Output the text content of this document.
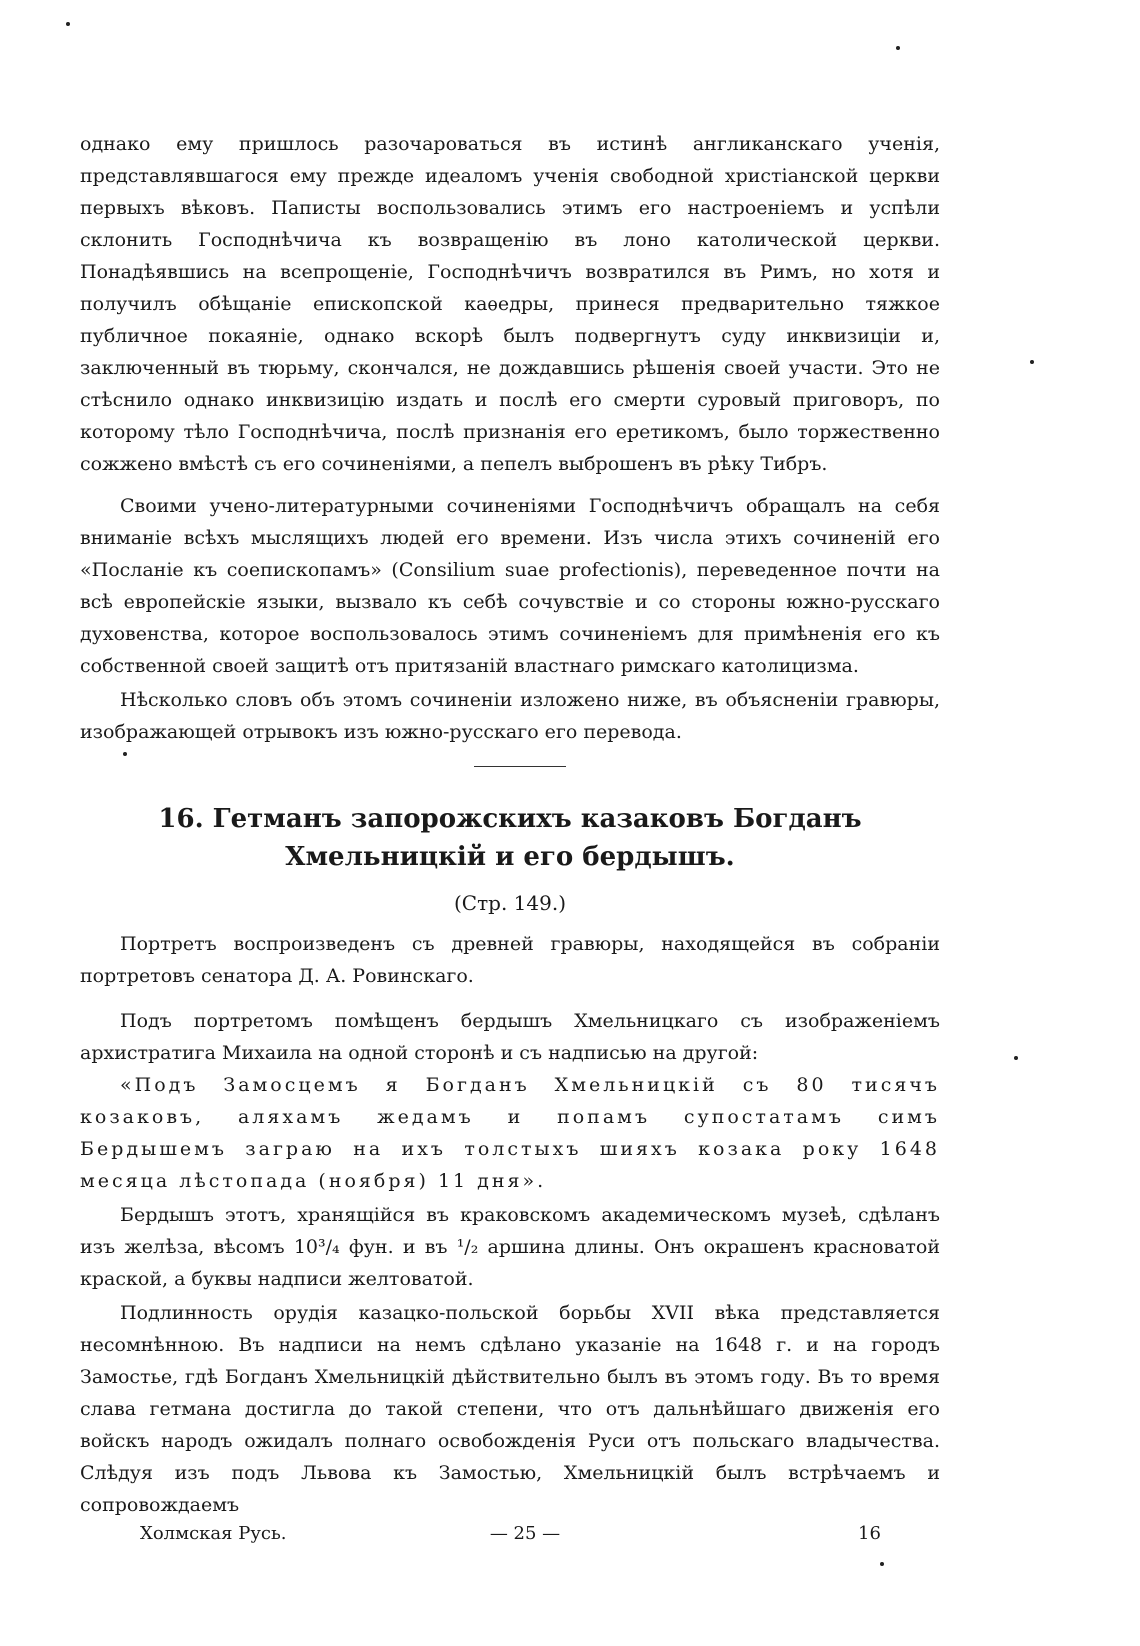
однако ему пришлось разочароваться въ истинѣ англиканскаго ученія, представлявшагося ему прежде идеаломъ ученія свободной христіанской церкви первыхъ вѣковъ. Паписты воспользовались этимъ его настроеніемъ и успѣли склонить Господнѣчича къ возвращенію въ лоно католической церкви. Понадѣявшись на всепрощеніе, Господнѣчичъ возвратился въ Римъ, но хотя и получилъ обѣщаніе епископской каѳедры, принеся предварительно тяжкое публичное покаяніе, однако вскорѣ былъ подвергнутъ суду инквизиціи и, заключенный въ тюрьму, скончался, не дождавшись рѣшенія своей участи. Это не стѣснило однако инквизицію издать и послѣ его смерти суровый приговоръ, по которому тѣло Господнѣчича, послѣ признанія его еретикомъ, было торжественно сожжено вмѣстѣ съ его сочиненіями, а пепелъ выброшенъ въ рѣку Тибръ.

Своими учено-литературными сочиненіями Господнѣчичъ обращалъ на себя вниманіе всѣхъ мыслящихъ людей его времени. Изъ числа этихъ сочиненій его «Посланіе къ соепископамъ» (Consilium suae profectionis), переведенное почти на всѣ европейскіе языки, вызвало къ себѣ сочувствіе и со стороны южно-русскаго духовенства, которое воспользовалось этимъ сочиненіемъ для примѣненія его къ собственной своей защитѣ отъ притязаній властнаго римскаго католицизма.

Нѣсколько словъ объ этомъ сочиненіи изложено ниже, въ объясненіи гравюры, изображающей отрывокъ изъ южно-русскаго его перевода.

16. Гетманъ запорожскихъ казаковъ Богданъ Хмельницкій и его бердышъ.
(Стр. 149.)

Портретъ воспроизведенъ съ древней гравюры, находящейся въ собраніи портретовъ сенатора Д. А. Ровинскаго.

Подъ портретомъ помѣщенъ бердышъ Хмельницкаго съ изображеніемъ архистратига Михаила на одной сторонѣ и съ надписью на другой:

«Подъ Замосцемъ я Богданъ Хмельницкій съ 80 тисячъ козаковъ, аляхамъ жедамъ и попамъ супостатамъ симъ Бердышемъ заграю на ихъ толстыхъ шияхъ козака року 1648 месяца лѣстопада (ноября) 11 дня».

Бердышъ этотъ, хранящійся въ краковскомъ академическомъ музеѣ, сдѣланъ изъ желѣза, вѣсомъ 10³/₄ фун. и въ ¹/₂ аршина длины. Онъ окрашенъ красноватой краской, а буквы надписи желтоватой.

Подлинность орудія казацко-польской борьбы XVII вѣка представляется несомнѣнною. Въ надписи на немъ сдѣлано указаніе на 1648 г. и на городъ Замостье, гдѣ Богданъ Хмельницкій дѣйствительно былъ въ этомъ году. Въ то время слава гетмана достигла до такой степени, что отъ дальнѣйшаго движенія его войскъ народъ ожидалъ полнаго освобожденія Руси отъ польскаго владычества. Слѣдуя изъ подъ Львова къ Замостью, Хмельницкій былъ встрѣчаемъ и сопровождаемъ

Холмская Русь.	— 25 —	16
